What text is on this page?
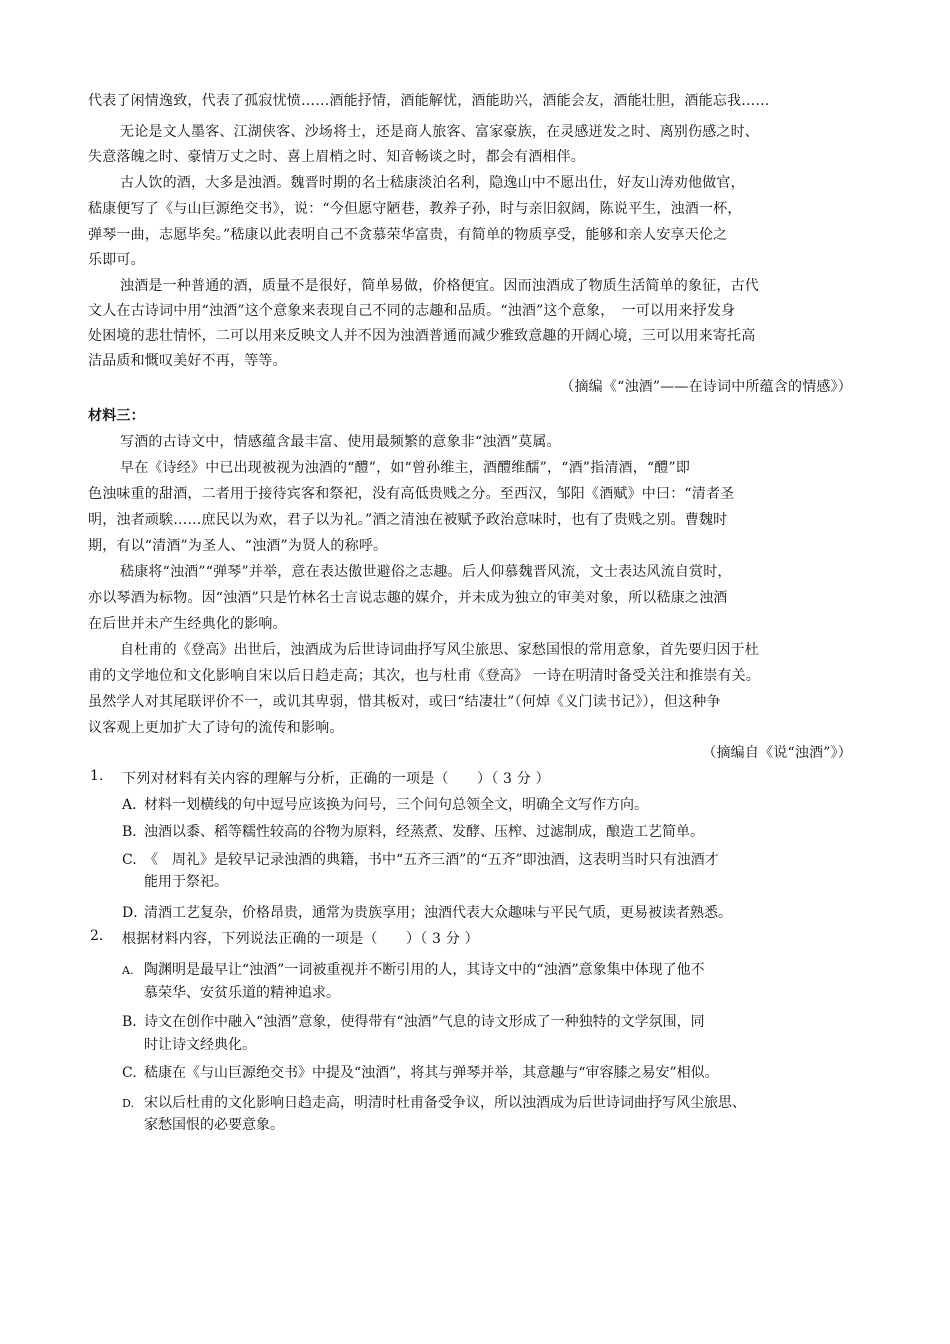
代表了闲情逸致，代表了孤寂忧愤……酒能抒情，酒能解忧，酒能助兴，酒能会友，酒能壮胆，酒能忘我……
无论是文人墨客、江湖侠客、沙场将士，还是商人旅客、富家豪族，在灵感迸发之时、离别伤感之时、
失意落魄之时、豪情万丈之时、喜上眉梢之时、知音畅谈之时，都会有酒相伴。
古人饮的酒，大多是浊酒。魏晋时期的名士嵇康淡泊名利，隐逸山中不愿出仕，好友山涛劝他做官，
嵇康便写了《与山巨源绝交书》，说：“今但愿守陋巷，教养子孙，时与亲旧叙阔，陈说平生，浊酒一杯，
弹琴一曲，志愿毕矣。”嵇康以此表明自己不贪慕荣华富贵，有简单的物质享受，能够和亲人安享天伦之
乐即可。
浊酒是一种普通的酒，质量不是很好，简单易做，价格便宜。因而浊酒成了物质生活简单的象征，古代
文人在古诗词中用“浊酒”这个意象来表现自己不同的志趣和品质。“浊酒”这个意象，　一可以用来抒发身
处困境的悲壮情怀，二可以用来反映文人并不因为浊酒普通而减少雅致意趣的开阔心境，三可以用来寄托高
洁品质和慨叹美好不再，等等。
（摘编《“浊酒”——在诗词中所蕴含的情感》）
材料三：
写酒的古诗文中，情感蕴含最丰富、使用最频繁的意象非“浊酒”莫属。
早在《诗经》中已出现被视为浊酒的“醴”，如“曾孙维主，酒醴维醹”，“酒”指清酒，“醴”即
色浊味重的甜酒，二者用于接待宾客和祭祀，没有高低贵贱之分。至西汉，邹阳《酒赋》中曰：“清者圣
明，浊者顽騃……庶民以为欢，君子以为礼。”酒之清浊在被赋予政治意味时，也有了贵贱之别。曹魏时
期，有以“清酒”为圣人、“浊酒”为贤人的称呼。
嵇康将“浊酒”“弹琴”并举，意在表达傲世避俗之志趣。后人仰慕魏晋风流，文士表达风流自赏时，
亦以琴酒为标物。因“浊酒”只是竹林名士言说志趣的媒介，并未成为独立的审美对象，所以嵇康之浊酒
在后世并未产生经典化的影响。
自杜甫的《登高》出世后，浊酒成为后世诗词曲抒写风尘旅思、家愁国恨的常用意象，首先要归因于杜
甫的文学地位和文化影响自宋以后日趋走高；其次，也与杜甫《登高》 一诗在明清时备受关注和推崇有关。
虽然学人对其尾联评价不一，或讥其卑弱，惜其板对，或曰“结凄壮”（何焯《义门读书记》），但这种争
议客观上更加扩大了诗句的流传和影响。
（摘编自《说“浊酒”》）
1. 下列对材料有关内容的理解与分析，正确的一项是（　　）（ 3 分 ）
A．材料一划横线的句中逗号应该换为问号，三个问句总领全文，明确全文写作方向。
B．浊酒以黍、稻等糯性较高的谷物为原料，经蒸煮、发酵、压榨、过滤制成，酿造工艺简单。
C. 《　周礼》是较早记录浊酒的典籍，书中“五齐三酒”的“五齐”即浊酒，这表明当时只有浊酒才
能用于祭祀。
D．清酒工艺复杂，价格昂贵，通常为贵族享用；浊酒代表大众趣味与平民气质，更易被读者熟悉。
2. 根据材料内容，下列说法正确的一项是（　　）（ 3 分 ）
A. 陶渊明是最早让“浊酒”一词被重视并不断引用的人，其诗文中的“浊酒”意象集中体现了他不
慕荣华、安贫乐道的精神追求。
B．诗文在创作中融入“浊酒”意象，使得带有“浊酒”气息的诗文形成了一种独特的文学氛围，同
时让诗文经典化。
C. 嵇康在《与山巨源绝交书》中提及“浊酒”，将其与弹琴并举，其意趣与“审容膝之易安”相似。
D. 宋以后杜甫的文化影响日趋走高，明清时杜甫备受争议，所以浊酒成为后世诗词曲抒写风尘旅思、
家愁国恨的必要意象。
